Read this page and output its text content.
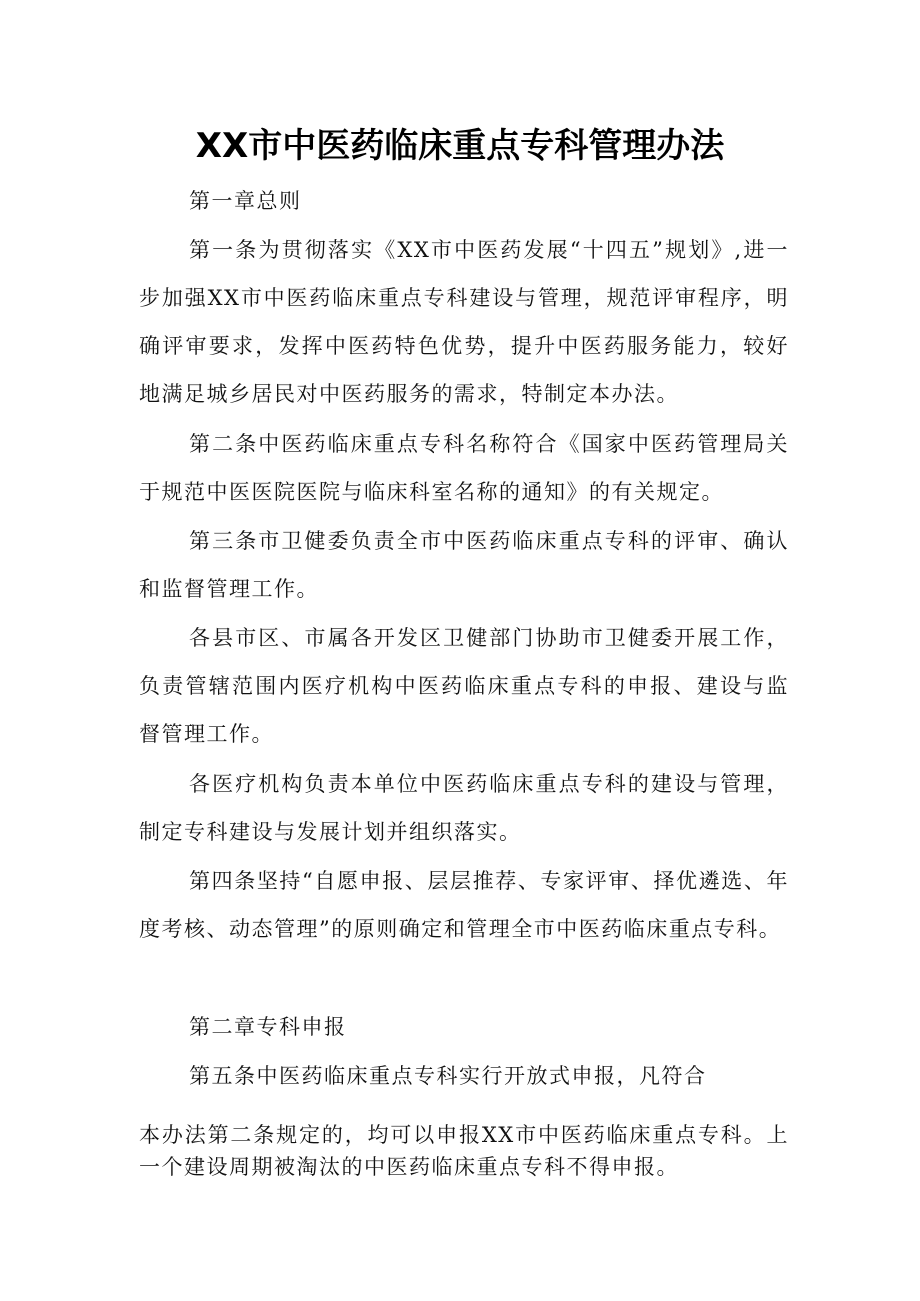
XX市中医药临床重点专科管理办法

第一章总则

第一条为贯彻落实《XX市中医药发展“十四五”规划》,进一步加强XX市中医药临床重点专科建设与管理，规范评审程序，明确评审要求，发挥中医药特色优势，提升中医药服务能力，较好地满足城乡居民对中医药服务的需求，特制定本办法。

第二条中医药临床重点专科名称符合《国家中医药管理局关于规范中医医院医院与临床科室名称的通知》的有关规定。

第三条市卫健委负责全市中医药临床重点专科的评审、确认和监督管理工作。

各县市区、市属各开发区卫健部门协助市卫健委开展工作，负责管辖范围内医疗机构中医药临床重点专科的申报、建设与监督管理工作。

各医疗机构负责本单位中医药临床重点专科的建设与管理，制定专科建设与发展计划并组织落实。

第四条坚持“自愿申报、层层推荐、专家评审、择优遴选、年度考核、动态管理”的原则确定和管理全市中医药临床重点专科。

第二章专科申报

第五条中医药临床重点专科实行开放式申报，凡符合

本办法第二条规定的，均可以申报XX市中医药临床重点专科。上一个建设周期被淘汰的中医药临床重点专科不得申报。
